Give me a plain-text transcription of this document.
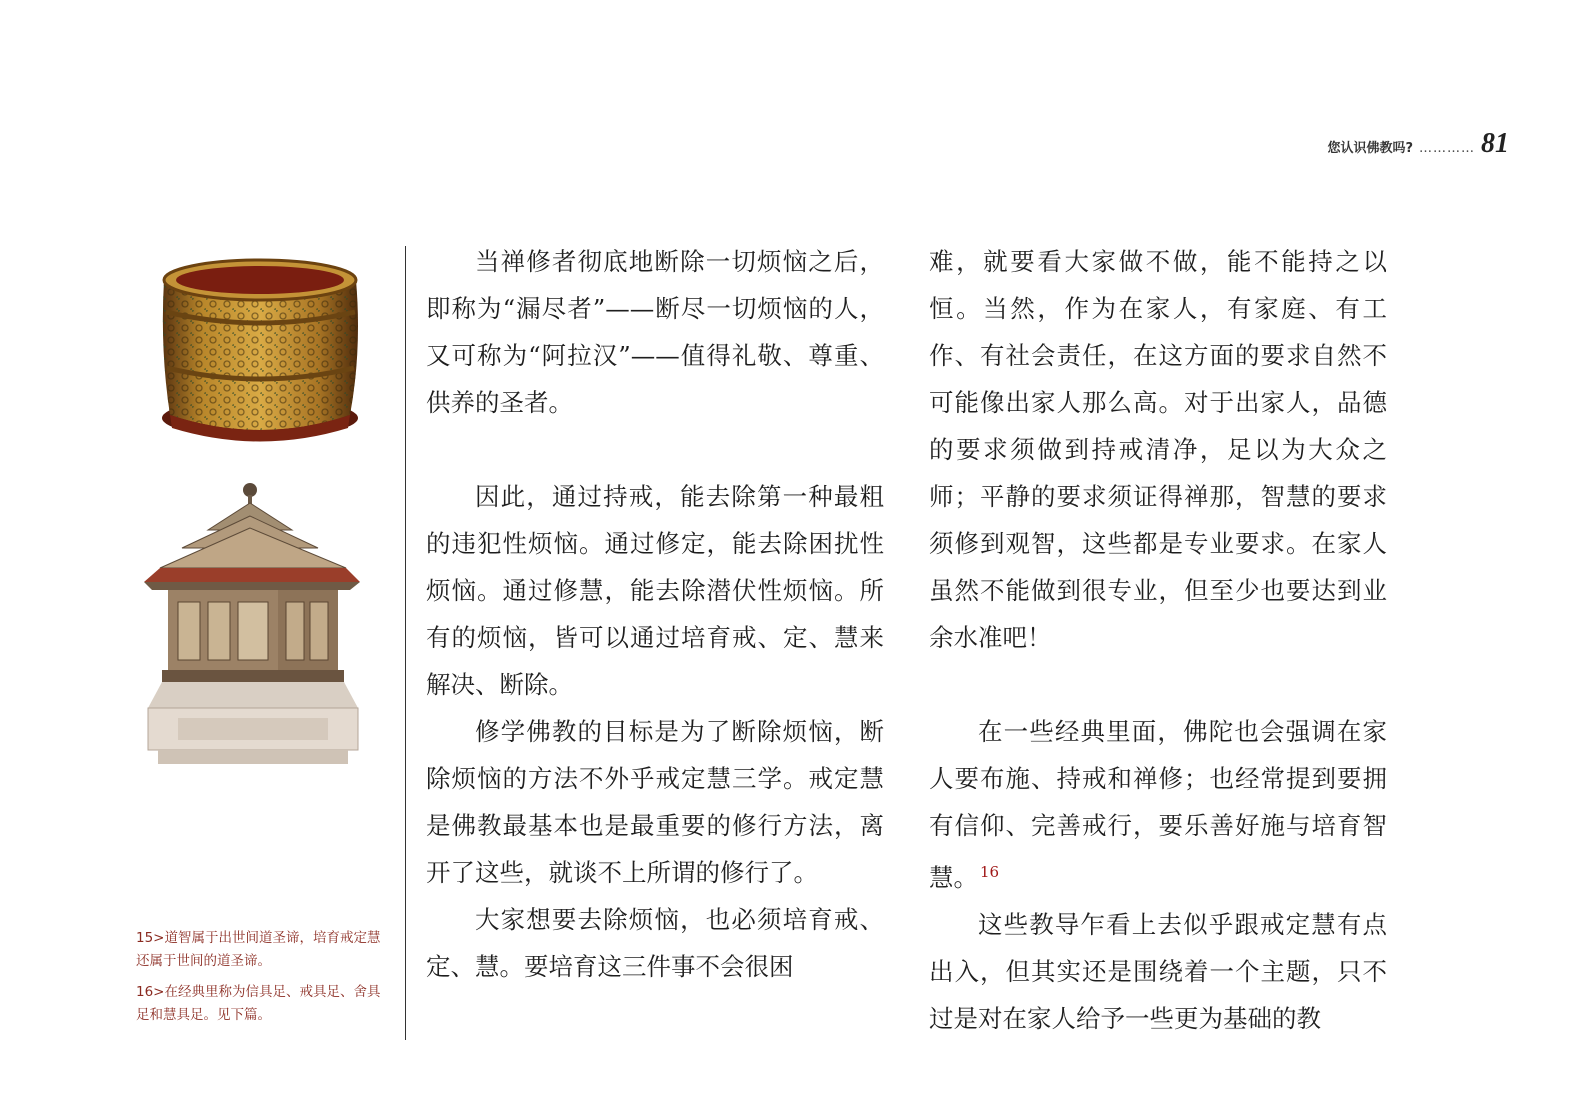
您认识佛教吗? ………… 81

15>道智属于出世间道圣谛，培育戒定慧还属于世间的道圣谛。

16>在经典里称为信具足、戒具足、舍具足和慧具足。见下篇。

当禅修者彻底地断除一切烦恼之后，即称为“漏尽者”——断尽一切烦恼的人，又可称为“阿拉汉”——值得礼敬、尊重、供养的圣者。

因此，通过持戒，能去除第一种最粗的违犯性烦恼。通过修定，能去除困扰性烦恼。通过修慧，能去除潜伏性烦恼。所有的烦恼，皆可以通过培育戒、定、慧来解决、断除。

修学佛教的目标是为了断除烦恼，断除烦恼的方法不外乎戒定慧三学。戒定慧是佛教最基本也是最重要的修行方法，离开了这些，就谈不上所谓的修行了。

大家想要去除烦恼，也必须培育戒、定、慧。要培育这三件事不会很困

难，就要看大家做不做，能不能持之以恒。当然，作为在家人，有家庭、有工作、有社会责任，在这方面的要求自然不可能像出家人那么高。对于出家人，品德的要求须做到持戒清净，足以为大众之师；平静的要求须证得禅那，智慧的要求须修到观智，这些都是专业要求。在家人虽然不能做到很专业，但至少也要达到业余水准吧！

在一些经典里面，佛陀也会强调在家人要布施、持戒和禅修；也经常提到要拥有信仰、完善戒行，要乐善好施与培育智慧。 $^{16}$

这些教导乍看上去似乎跟戒定慧有点出入，但其实还是围绕着一个主题，只不过是对在家人给予一些更为基础的教
